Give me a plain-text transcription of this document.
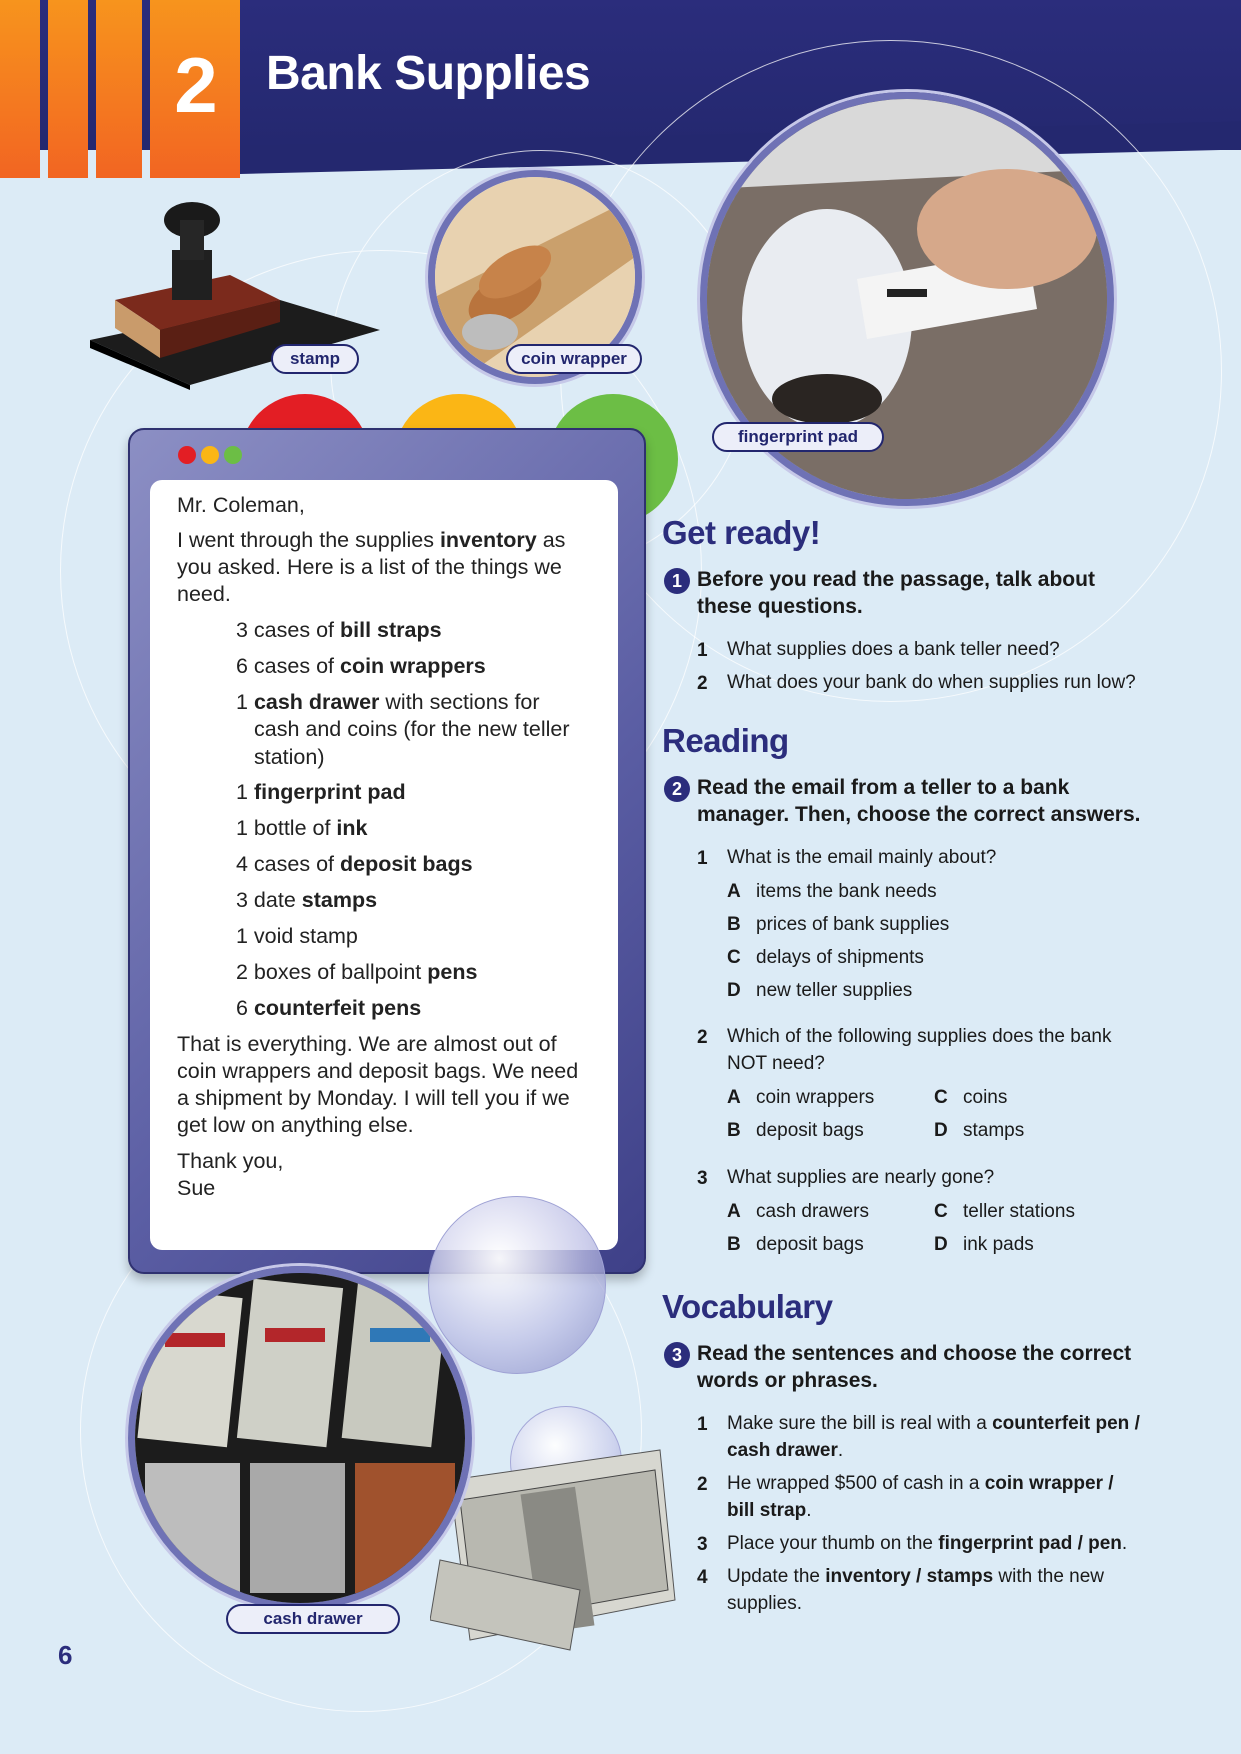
2	Bank Supplies
stamp	coin wrapper
fingerprint pad
Mr. Coleman,
I went through the supplies inventory as you asked. Here is a list of the things we need.
3 cases of bill straps
6 cases of coin wrappers
1 cash drawer with sections for
cash and coins (for the new teller
station)
1 fingerprint pad
1 bottle of ink
4 cases of deposit bags
3 date stamps
1 void stamp
2 boxes of ballpoint pens
6 counterfeit pens
That is everything. We are almost out of
coin wrappers and deposit bags. We need
a shipment by Monday. I will tell you if we
get low on anything else.
Thank you,
Sue
cash drawer
Get ready!
1 Before you read the passage, talk about
these questions.
1 What supplies does a bank teller need?
2 What does your bank do when supplies run low?
Reading
2 Read the email from a teller to a bank
manager. Then, choose the correct answers.
1 What is the email mainly about?
A items the bank needs
B prices of bank supplies
C delays of shipments
D new teller supplies
2 Which of the following supplies does the bank
NOT need?
A coin wrappers	C coins
B deposit bags	D stamps
3 What supplies are nearly gone?
A cash drawers	C teller stations
B deposit bags	D ink pads
Vocabulary
3 Read the sentences and choose the correct
words or phrases.
1 Make sure the bill is real with a counterfeit pen /
cash drawer.
2 He wrapped $500 of cash in a coin wrapper /
bill strap.
3 Place your thumb on the fingerprint pad / pen.
4 Update the inventory / stamps with the new
supplies.
6
